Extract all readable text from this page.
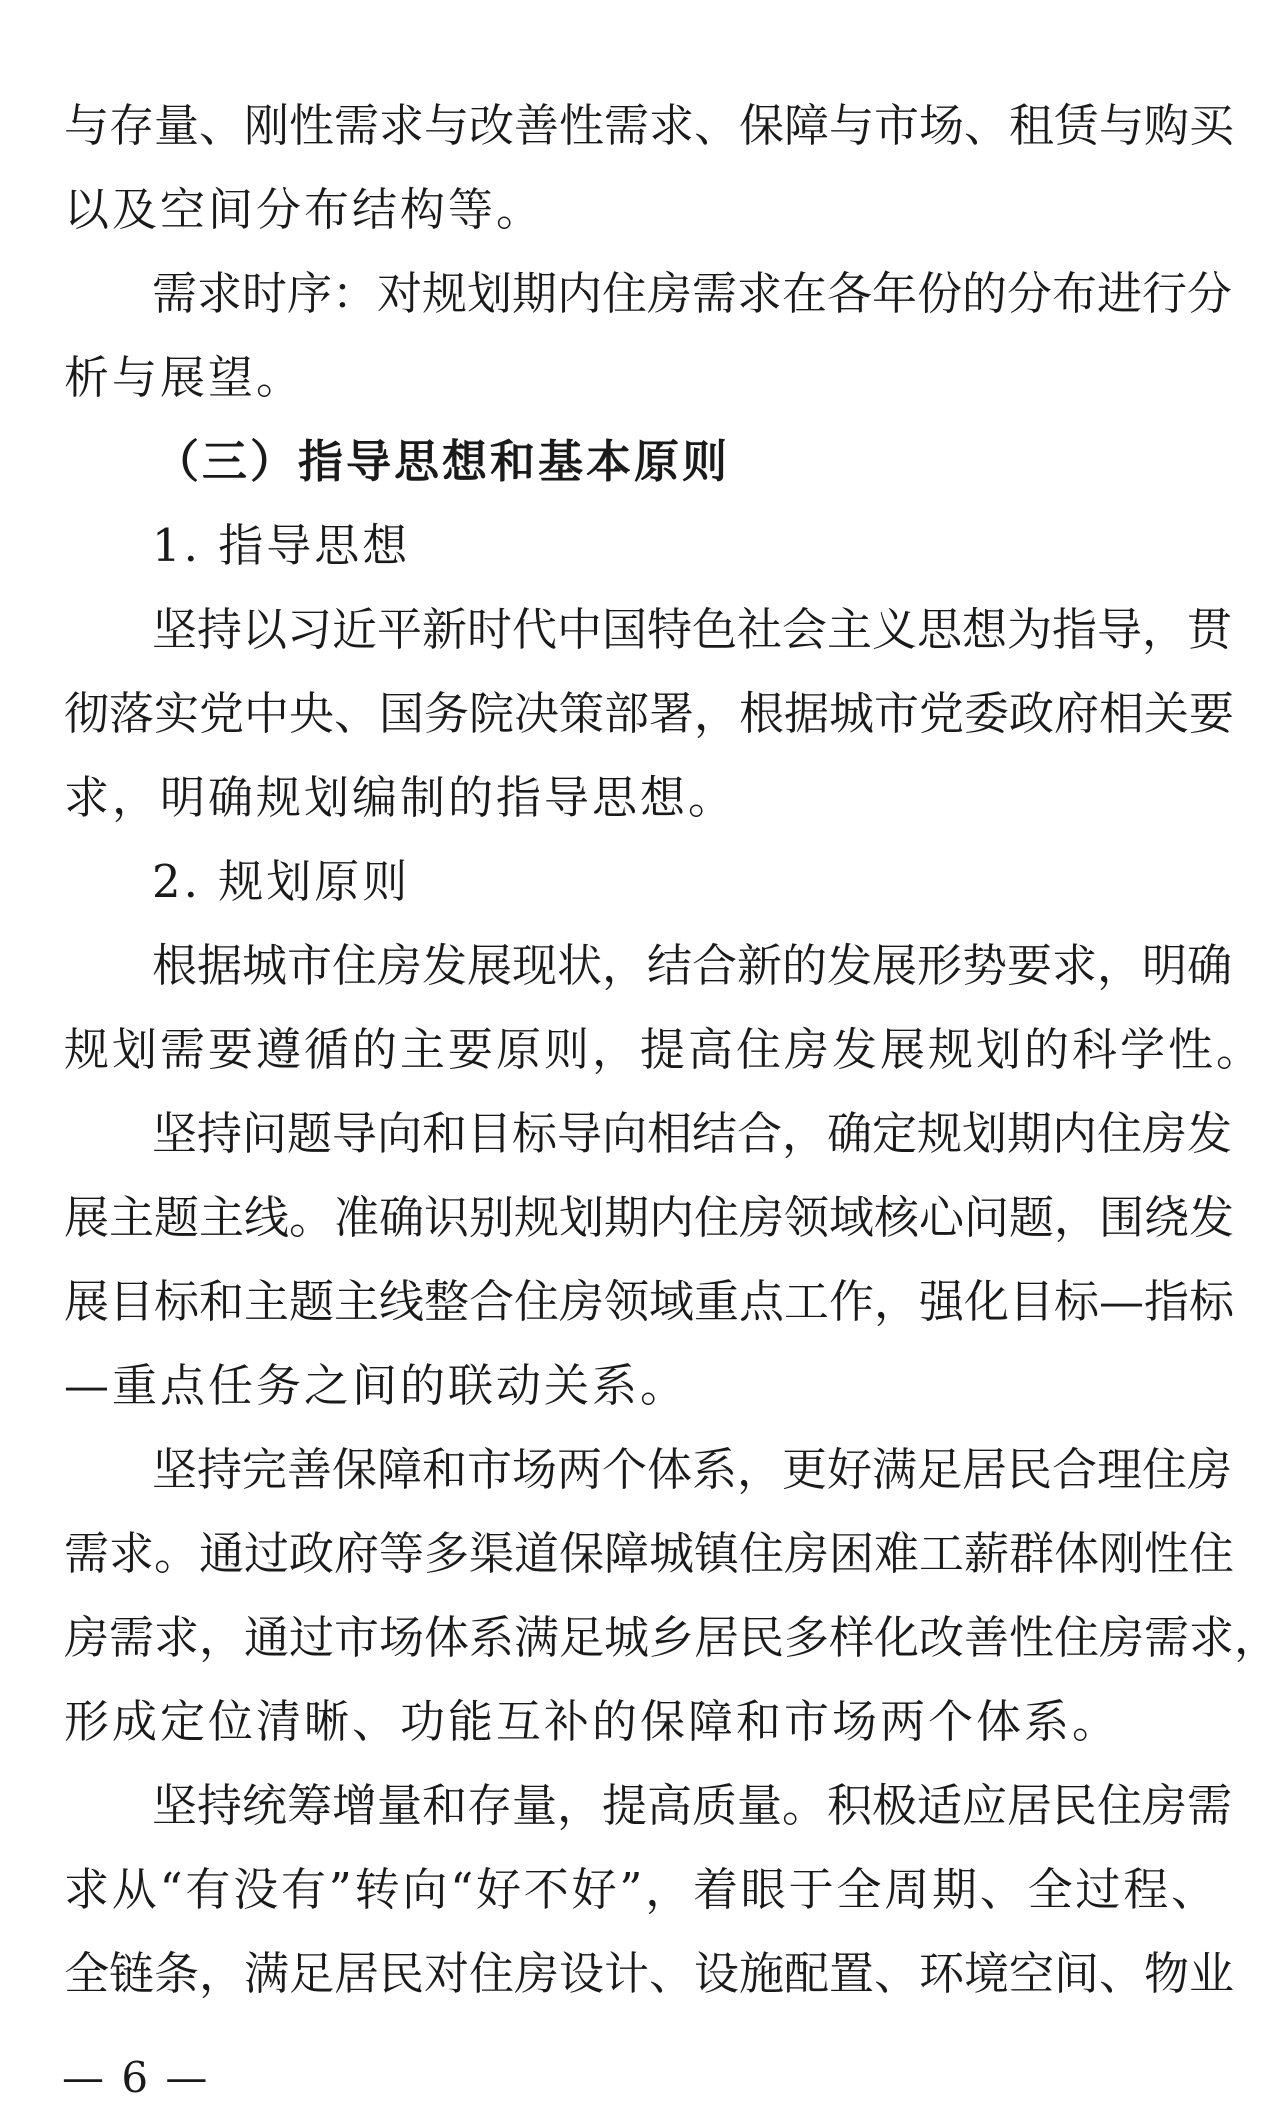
与存量、刚性需求与改善性需求、保障与市场、租赁与购买
以及空间分布结构等。
需求时序：对规划期内住房需求在各年份的分布进行分
析与展望。
（三）指导思想和基本原则
1. 指导思想
坚持以习近平新时代中国特色社会主义思想为指导，贯
彻落实党中央、国务院决策部署，根据城市党委政府相关要
求，明确规划编制的指导思想。
2. 规划原则
根据城市住房发展现状，结合新的发展形势要求，明确
规划需要遵循的主要原则，提高住房发展规划的科学性。
坚持问题导向和目标导向相结合，确定规划期内住房发
展主题主线。准确识别规划期内住房领域核心问题，围绕发
展目标和主题主线整合住房领域重点工作，强化目标—指标
—重点任务之间的联动关系。
坚持完善保障和市场两个体系，更好满足居民合理住房
需求。通过政府等多渠道保障城镇住房困难工薪群体刚性住
房需求，通过市场体系满足城乡居民多样化改善性住房需求，
形成定位清晰、功能互补的保障和市场两个体系。
坚持统筹增量和存量，提高质量。积极适应居民住房需
求从“有没有”转向“好不好”，着眼于全周期、全过程、
全链条，满足居民对住房设计、设施配置、环境空间、物业
— 6 —
